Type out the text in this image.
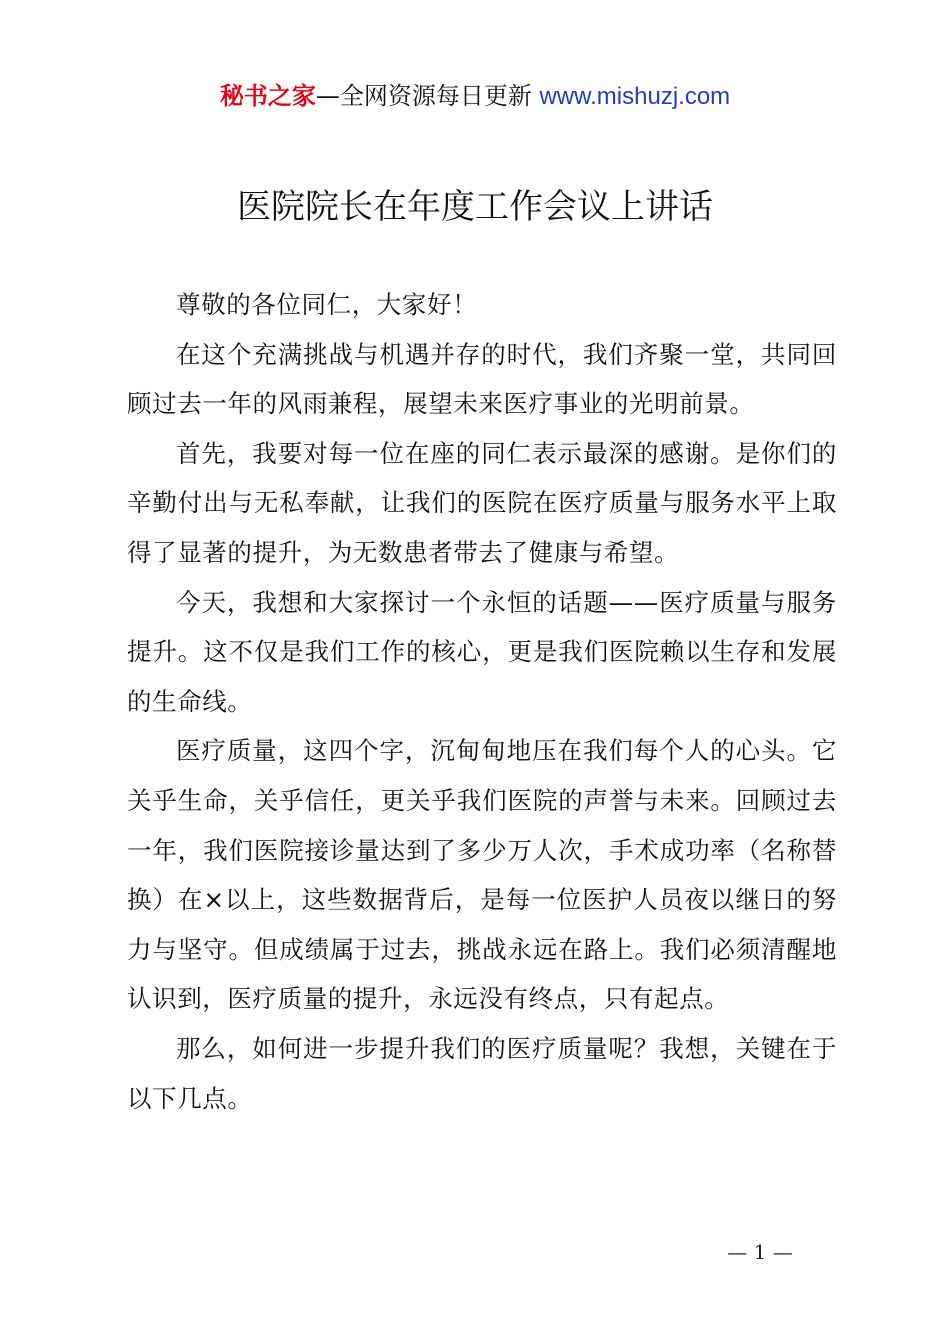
秘书之家—全网资源每日更新 www.mishuzj.com
医院院长在年度工作会议上讲话

尊敬的各位同仁，大家好！

在这个充满挑战与机遇并存的时代，我们齐聚一堂，共同回顾过去一年的风雨兼程，展望未来医疗事业的光明前景。

首先，我要对每一位在座的同仁表示最深的感谢。是你们的辛勤付出与无私奉献，让我们的医院在医疗质量与服务水平上取得了显著的提升，为无数患者带去了健康与希望。

今天，我想和大家探讨一个永恒的话题——医疗质量与服务提升。这不仅是我们工作的核心，更是我们医院赖以生存和发展的生命线。

医疗质量，这四个字，沉甸甸地压在我们每个人的心头。它关乎生命，关乎信任，更关乎我们医院的声誉与未来。回顾过去一年，我们医院接诊量达到了多少万人次，手术成功率（名称替换）在×以上，这些数据背后，是每一位医护人员夜以继日的努力与坚守。但成绩属于过去，挑战永远在路上。我们必须清醒地认识到，医疗质量的提升，永远没有终点，只有起点。

那么，如何进一步提升我们的医疗质量呢？我想，关键在于以下几点。

— 1 —
